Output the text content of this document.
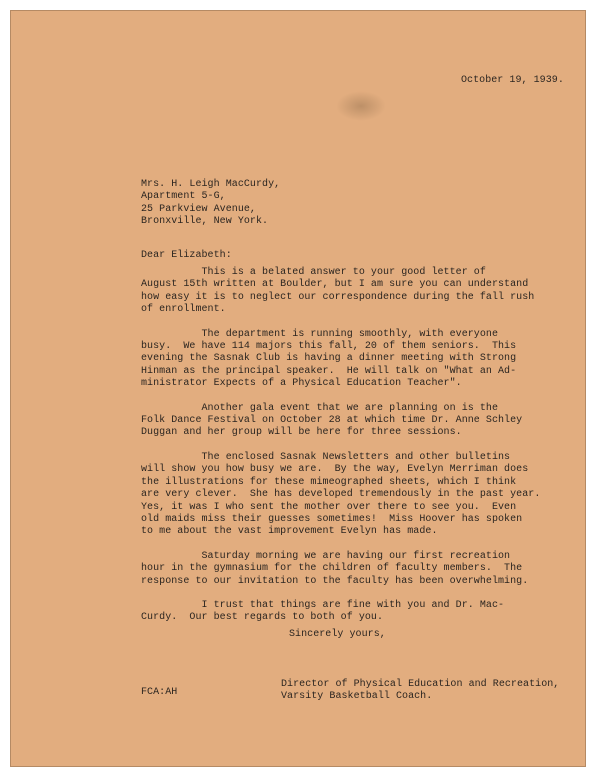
October 19, 1939.
Mrs. H. Leigh MacCurdy,
Apartment 5-G,
25 Parkview Avenue,
Bronxville, New York.
Dear Elizabeth:
This is a belated answer to your good letter of
August 15th written at Boulder, but I am sure you can understand
how easy it is to neglect our correspondence during the fall rush
of enrollment.
The department is running smoothly, with everyone
busy.  We have 114 majors this fall, 20 of them seniors.  This
evening the Sasnak Club is having a dinner meeting with Strong
Hinman as the principal speaker.  He will talk on "What an Ad-
ministrator Expects of a Physical Education Teacher".
Another gala event that we are planning on is the
Folk Dance Festival on October 28 at which time Dr. Anne Schley
Duggan and her group will be here for three sessions.
The enclosed Sasnak Newsletters and other bulletins
will show you how busy we are.  By the way, Evelyn Merriman does
the illustrations for these mimeographed sheets, which I think
are very clever.  She has developed tremendously in the past year.
Yes, it was I who sent the mother over there to see you.  Even
old maids miss their guesses sometimes!  Miss Hoover has spoken
to me about the vast improvement Evelyn has made.
Saturday morning we are having our first recreation
hour in the gymnasium for the children of faculty members.  The
response to our invitation to the faculty has been overwhelming.
I trust that things are fine with you and Dr. Mac-
Curdy.  Our best regards to both of you.
Sincerely yours,
Director of Physical Education and Recreation,
Varsity Basketball Coach.
FCA:AH
